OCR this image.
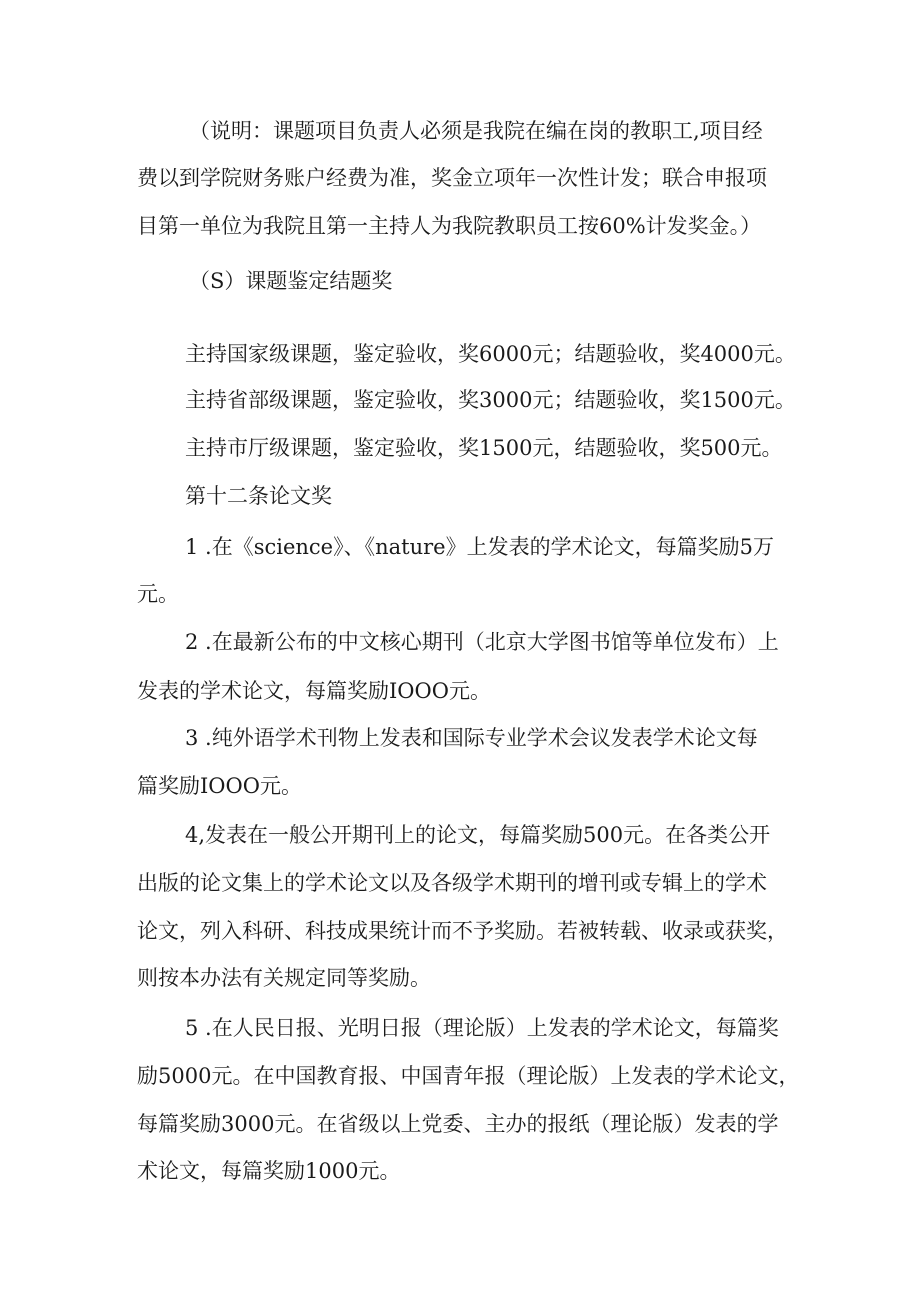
（说明：课题项目负责人必须是我院在编在岗的教职工,项目经
费以到学院财务账户经费为准，奖金立项年一次性计发；联合申报项
目第一单位为我院且第一主持人为我院教职员工按60%计发奖金。）
（S）课题鉴定结题奖
主持国家级课题，鉴定验收，奖6000元；结题验收，奖4000元。
主持省部级课题，鉴定验收，奖3000元；结题验收，奖1500元。
主持市厅级课题，鉴定验收，奖1500元，结题验收，奖500元。
第十二条论文奖
1 .在《science》、《nature》上发表的学术论文，每篇奖励5万
元。
2 .在最新公布的中文核心期刊（北京大学图书馆等单位发布）上
发表的学术论文，每篇奖励IOOO元。
3 .纯外语学术刊物上发表和国际专业学术会议发表学术论文每
篇奖励IOOO元。
4,发表在一般公开期刊上的论文，每篇奖励500元。在各类公开
出版的论文集上的学术论文以及各级学术期刊的增刊或专辑上的学术
论文，列入科研、科技成果统计而不予奖励。若被转载、收录或获奖，
则按本办法有关规定同等奖励。
5 .在人民日报、光明日报（理论版）上发表的学术论文，每篇奖
励5000元。在中国教育报、中国青年报（理论版）上发表的学术论文，
每篇奖励3000元。在省级以上党委、主办的报纸（理论版）发表的学
术论文，每篇奖励1000元。
